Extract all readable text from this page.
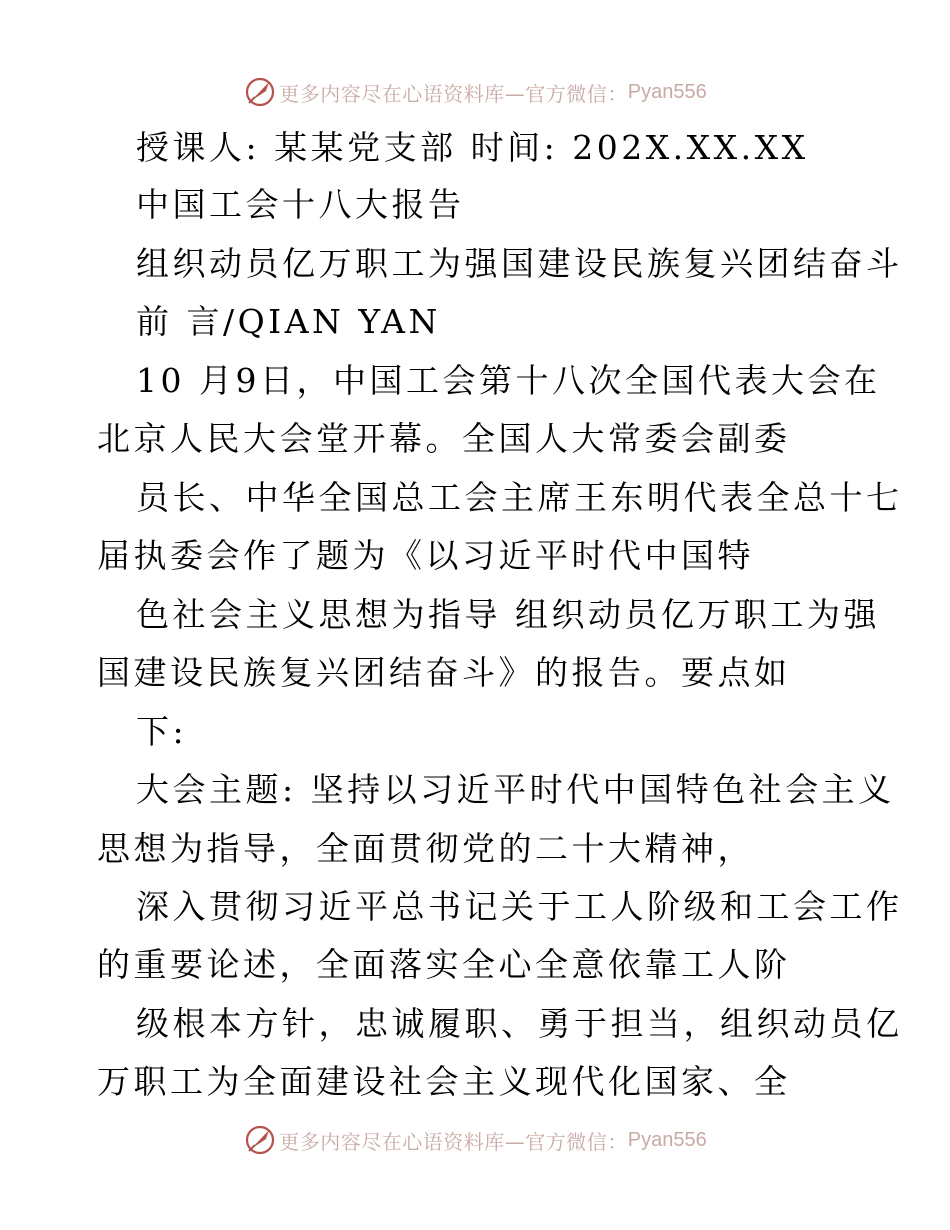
更多内容尽在心语资料库—官方微信： Pyan556
授课人: 某某党支部 时间: 202X.XX.XX
中国工会十八大报告
组织动员亿万职工为强国建设民族复兴团结奋斗
前 言/QIAN YAN
10 月9日，中国工会第十八次全国代表大会在
北京人民大会堂开幕。全国人大常委会副委
员长、中华全国总工会主席王东明代表全总十七
届执委会作了题为《以习近平时代中国特
色社会主义思想为指导 组织动员亿万职工为强
国建设民族复兴团结奋斗》的报告。要点如
下:
大会主题: 坚持以习近平时代中国特色社会主义
思想为指导，全面贯彻党的二十大精神，
深入贯彻习近平总书记关于工人阶级和工会工作
的重要论述，全面落实全心全意依靠工人阶
级根本方针，忠诚履职、勇于担当，组织动员亿
万职工为全面建设社会主义现代化国家、全
更多内容尽在心语资料库—官方微信： Pyan556
